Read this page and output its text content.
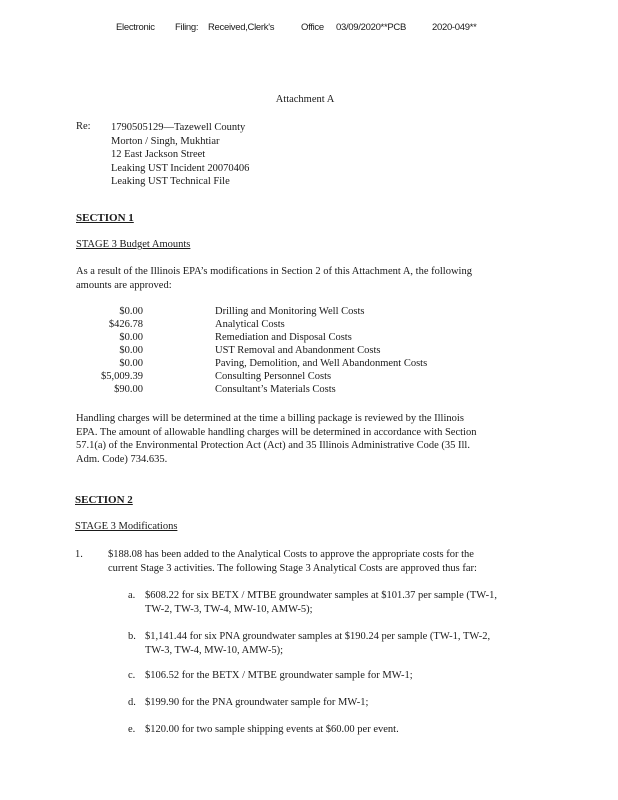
Electronic Filing: Received,Clerk's	Office 03/09/2020**PCB	2020-049**
Attachment A
Re: 1790505129—Tazewell County
Morton / Singh, Mukhtiar
12 East Jackson Street
Leaking UST Incident 20070406
Leaking UST Technical File
SECTION 1
STAGE 3 Budget Amounts
As a result of the Illinois EPA’s modifications in Section 2 of this Attachment A, the following
amounts are approved:
$0.00	Drilling and Monitoring Well Costs
$426.78	Analytical Costs
$0.00	Remediation and Disposal Costs
$0.00	UST Removal and Abandonment Costs
$0.00	Paving, Demolition, and Well Abandonment Costs
$5,009.39	Consulting Personnel Costs
$90.00	Consultant’s Materials Costs
Handling charges will be determined at the time a billing package is reviewed by the Illinois
EPA. The amount of allowable handling charges will be determined in accordance with Section
57.1(a) of the Environmental Protection Act (Act) and 35 Illinois Administrative Code (35 Ill.
Adm. Code) 734.635.
SECTION 2
STAGE 3 Modifications
1. $188.08 has been added to the Analytical Costs to approve the appropriate costs for the
current Stage 3 activities. The following Stage 3 Analytical Costs are approved thus far:
a. $608.22 for six BETX / MTBE groundwater samples at $101.37 per sample (TW-1,
TW-2, TW-3, TW-4, MW-10, AMW-5);
b. $1,141.44 for six PNA groundwater samples at $190.24 per sample (TW-1, TW-2,
TW-3, TW-4, MW-10, AMW-5);
c. $106.52 for the BETX / MTBE groundwater sample for MW-1;
d. $199.90 for the PNA groundwater sample for MW-1;
e. $120.00 for two sample shipping events at $60.00 per event.
